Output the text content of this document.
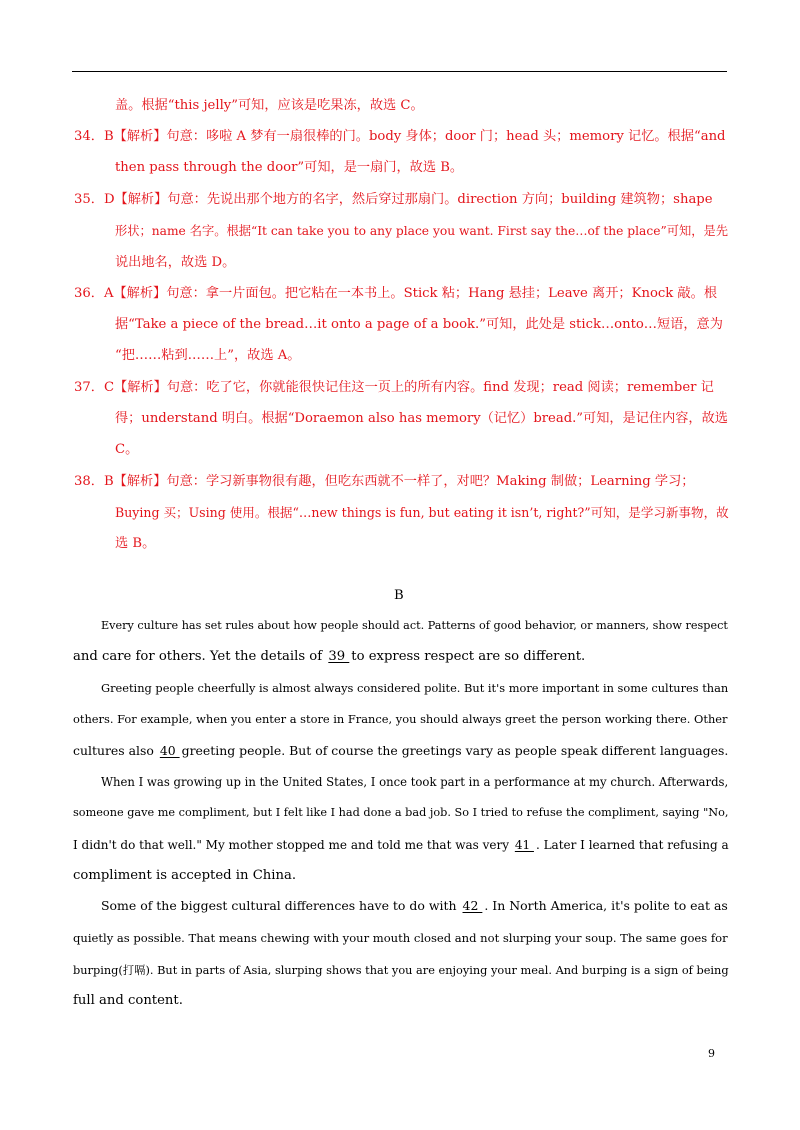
盖。根据“this jelly”可知，应该是吃果冻，故选 C。
34．B【解析】句意：哆啦 A 梦有一扇很棒的门。body 身体；door 门；head 头；memory 记忆。根据“and
then pass through the door”可知，是一扇门，故选 B。
35．D【解析】句意：先说出那个地方的名字，然后穿过那扇门。direction 方向；building 建筑物；shape
形状；name 名字。根据“It can take you to any place you want. First say the…of the place”可知，是先
说出地名，故选 D。
36．A【解析】句意：拿一片面包。把它粘在一本书上。Stick 粘；Hang 悬挂；Leave 离开；Knock 敲。根
据“Take a piece of the bread…it onto a page of a book.”可知，此处是 stick…onto…短语，意为
“把……粘到……上”，故选 A。
37．C【解析】句意：吃了它，你就能很快记住这一页上的所有内容。find 发现；read 阅读；remember 记
得；understand 明白。根据“Doraemon also has memory（记忆）bread.”可知，是记住内容，故选
C。
38．B【解析】句意：学习新事物很有趣，但吃东西就不一样了，对吧？Making 制做；Learning 学习；
Buying 买；Using 使用。根据“…new things is fun, but eating it isn’t, right?”可知，是学习新事物，故
选 B。
B
Every culture has set rules about how people should act. Patterns of good behavior, or manners, show respect
and care for others. Yet the details of 39 to express respect are so different.
Greeting people cheerfully is almost always considered polite. But it's more important in some cultures than
others. For example, when you enter a store in France, you should always greet the person working there. Other
cultures also 40 greeting people. But of course the greetings vary as people speak different languages.
When I was growing up in the United States, I once took part in a performance at my church. Afterwards,
someone gave me compliment, but I felt like I had done a bad job. So I tried to refuse the compliment, saying "No,
I didn't do that well." My mother stopped me and told me that was very 41 . Later I learned that refusing a
compliment is accepted in China.
Some of the biggest cultural differences have to do with 42 . In North America, it's polite to eat as
quietly as possible. That means chewing with your mouth closed and not slurping your soup. The same goes for
burping(打嗝). But in parts of Asia, slurping shows that you are enjoying your meal. And burping is a sign of being
full and content.
9
